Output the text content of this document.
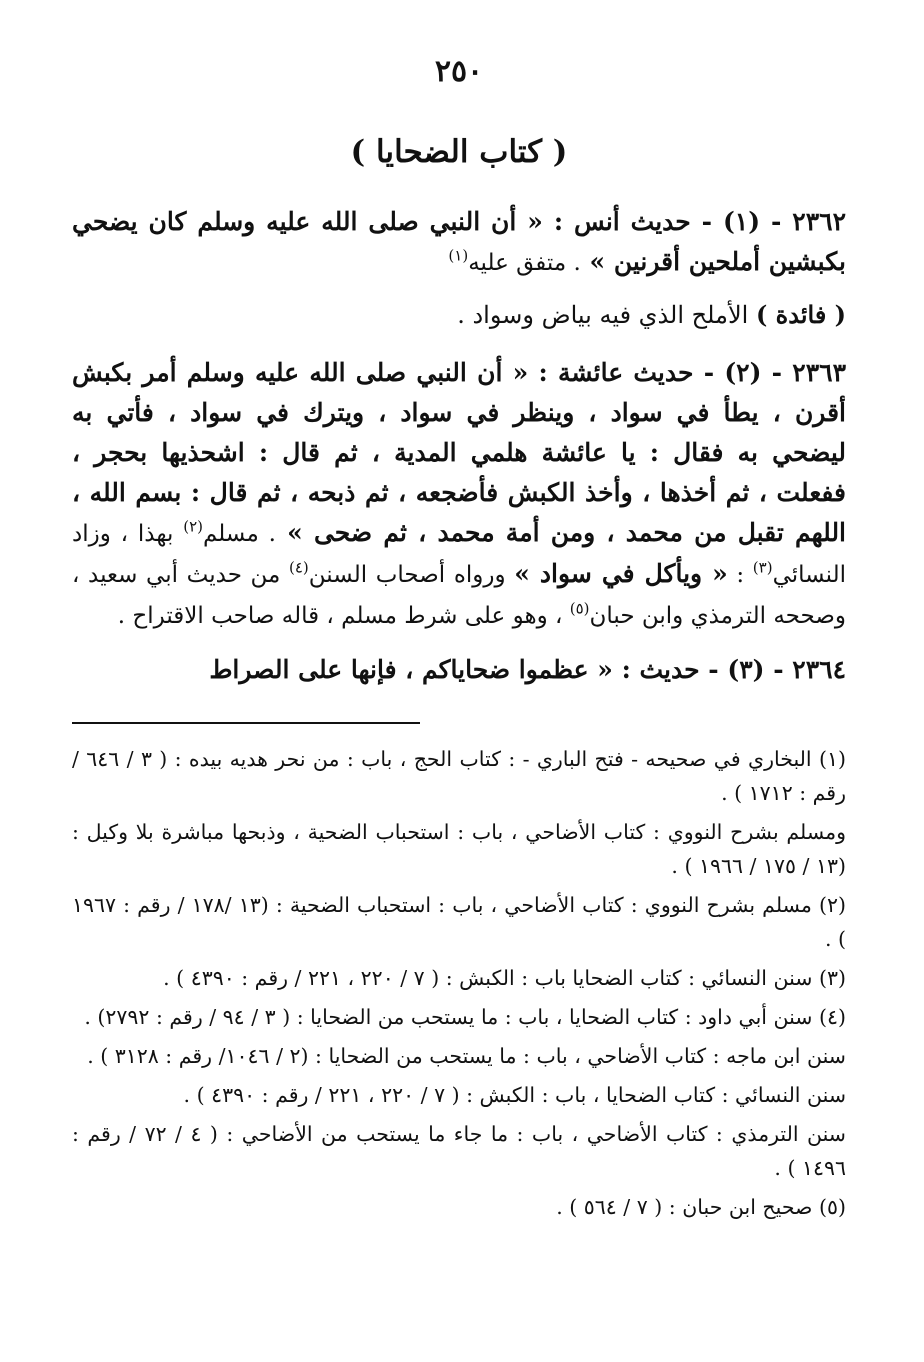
٢٥٠
( كتاب الضحايا )

٢٣٦٢ - (١) - حديث أنس : « أن النبي صلى الله عليه وسلم كان يضحي بكبشين أملحين أقرنين » . متفق عليه$^{(١)}$

( فائدة ) الأملح الذي فيه بياض وسواد .

٢٣٦٣ - (٢) - حديث عائشة : « أن النبي صلى الله عليه وسلم أمر بكبش أقرن ، يطأ في سواد ، وينظر في سواد ، ويترك في سواد ، فأتي به ليضحي به فقال : يا عائشة هلمي المدية ، ثم قال : اشحذيها بحجر ، ففعلت ، ثم أخذها ، وأخذ الكبش فأضجعه ، ثم ذبحه ، ثم قال : بسم الله ، اللهم تقبل من محمد ، ومن أمة محمد ، ثم ضحى » . مسلم$^{(٢)}$ بهذا ، وزاد النسائي$^{(٣)}$ : « ويأكل في سواد » ورواه أصحاب السنن$^{(٤)}$ من حديث أبي سعيد ، وصححه الترمذي وابن حبان$^{(٥)}$ ، وهو على شرط مسلم ، قاله صاحب الاقتراح .

٢٣٦٤ - (٣) - حديث : « عظموا ضحاياكم ، فإنها على الصراط

(١) البخاري في صحيحه - فتح الباري - : كتاب الحج ، باب : من نحر هديه بيده : ( ٣ / ٦٤٦ / رقم : ١٧١٢ ) .

ومسلم بشرح النووي : كتاب الأضاحي ، باب : استحباب الضحية ، وذبحها مباشرة بلا وكيل : (١٣ / ١٧٥ / ١٩٦٦ ) .

(٢) مسلم بشرح النووي : كتاب الأضاحي ، باب : استحباب الضحية : (١٣ /١٧٨ / رقم : ١٩٦٧ ) .

(٣) سنن النسائي : كتاب الضحايا باب : الكبش : ( ٧ / ٢٢٠ ، ٢٢١ / رقم : ٤٣٩٠ ) .

(٤) سنن أبي داود : كتاب الضحايا ، باب : ما يستحب من الضحايا : ( ٣ / ٩٤ / رقم : ٢٧٩٢) .

سنن ابن ماجه : كتاب الأضاحي ، باب : ما يستحب من الضحايا : (٢ / ١٠٤٦/ رقم : ٣١٢٨ ) .

سنن النسائي : كتاب الضحايا ، باب : الكبش : ( ٧ / ٢٢٠ ، ٢٢١ / رقم : ٤٣٩٠ ) .

سنن الترمذي : كتاب الأضاحي ، باب : ما جاء ما يستحب من الأضاحي : ( ٤ / ٧٢ / رقم : ١٤٩٦ ) .

(٥) صحيح ابن حبان : ( ٧ / ٥٦٤ ) .
